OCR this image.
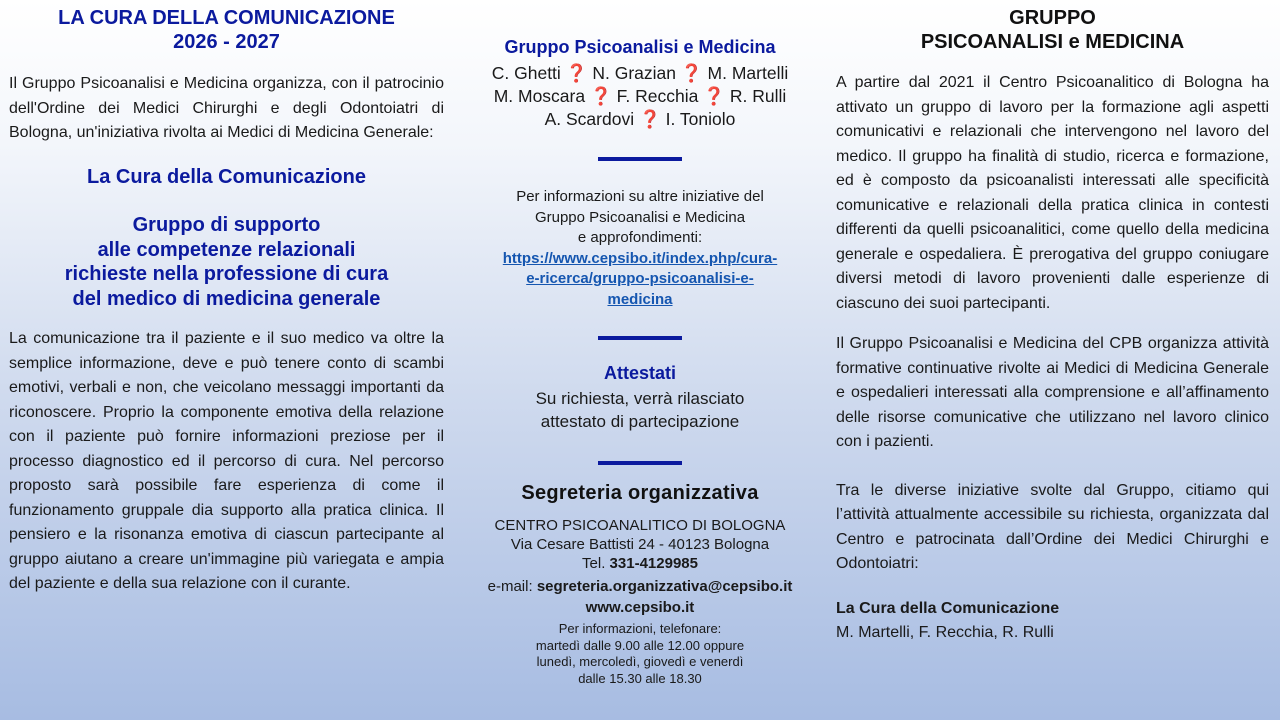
LA CURA DELLA COMUNICAZIONE

2026 - 2027

Il Gruppo Psicoanalisi e Medicina organizza, con il patrocinio dell'Ordine dei Medici Chirurghi e degli Odontoiatri di Bologna, un'iniziativa rivolta ai Medici di Medicina Generale:

La Cura della Comunicazione

Gruppo di supporto

alle competenze relazionali

richieste nella professione di cura

del medico di medicina generale

La comunicazione tra il paziente e il suo medico va oltre la semplice informazione, deve e può tenere conto di scambi emotivi, verbali e non, che veicolano messaggi importanti da riconoscere. Proprio la componente emotiva della relazione con il paziente può fornire informazioni preziose per il processo diagnostico ed il percorso di cura. Nel percorso proposto sarà possibile fare esperienza di come il funzionamento gruppale dia supporto alla pratica clinica. Il pensiero e la risonanza emotiva di ciascun partecipante al gruppo aiutano a creare un'immagine più variegata e ampia del paziente e della sua relazione con il curante.

Gruppo Psicoanalisi e Medicina

C. Ghetti ❓ N. Grazian ❓ M. Martelli
M. Moscara ❓ F. Recchia ❓ R. Rulli
A. Scardovi ❓ I. Toniolo

Per informazioni su altre iniziative del

Gruppo Psicoanalisi e Medicina

e approfondimenti:

https://www.cepsibo.it/index.php/cura-
e-ricerca/gruppo-psicoanalisi-e-
medicina

Attestati

Su richiesta, verrà rilasciato

attestato di partecipazione

Segreteria organizzativa

CENTRO PSICOANALITICO DI BOLOGNA

Via Cesare Battisti 24 - 40123 Bologna

Tel. 331-4129985

e-mail: segreteria.organizzativa@cepsibo.it

www.cepsibo.it

Per informazioni, telefonare:

martedì dalle 9.00 alle 12.00 oppure

lunedì, mercoledì, giovedì e venerdì

dalle 15.30 alle 18.30

GRUPPO

PSICOANALISI e MEDICINA

A partire dal 2021 il Centro Psicoanalitico di Bologna ha attivato un gruppo di lavoro per la formazione agli aspetti comunicativi e relazionali che intervengono nel lavoro del medico. Il gruppo ha finalità di studio, ricerca e formazione, ed è composto da psicoanalisti interessati alle specificità comunicative e relazionali della pratica clinica in contesti differenti da quelli psicoanalitici, come quello della medicina generale e ospedaliera. È prerogativa del gruppo coniugare diversi metodi di lavoro provenienti dalle esperienze di ciascuno dei suoi partecipanti.

Il Gruppo Psicoanalisi e Medicina del CPB organizza attività formative continuative rivolte ai Medici di Medicina Generale e ospedalieri interessati alla comprensione e all’affinamento delle risorse comunicative che utilizzano nel lavoro clinico con i pazienti.

Tra le diverse iniziative svolte dal Gruppo, citiamo qui l’attività attualmente accessibile su richiesta, organizzata dal Centro e patrocinata dall’Ordine dei Medici Chirurghi e Odontoiatri:

La Cura della Comunicazione

M. Martelli, F. Recchia, R. Rulli
